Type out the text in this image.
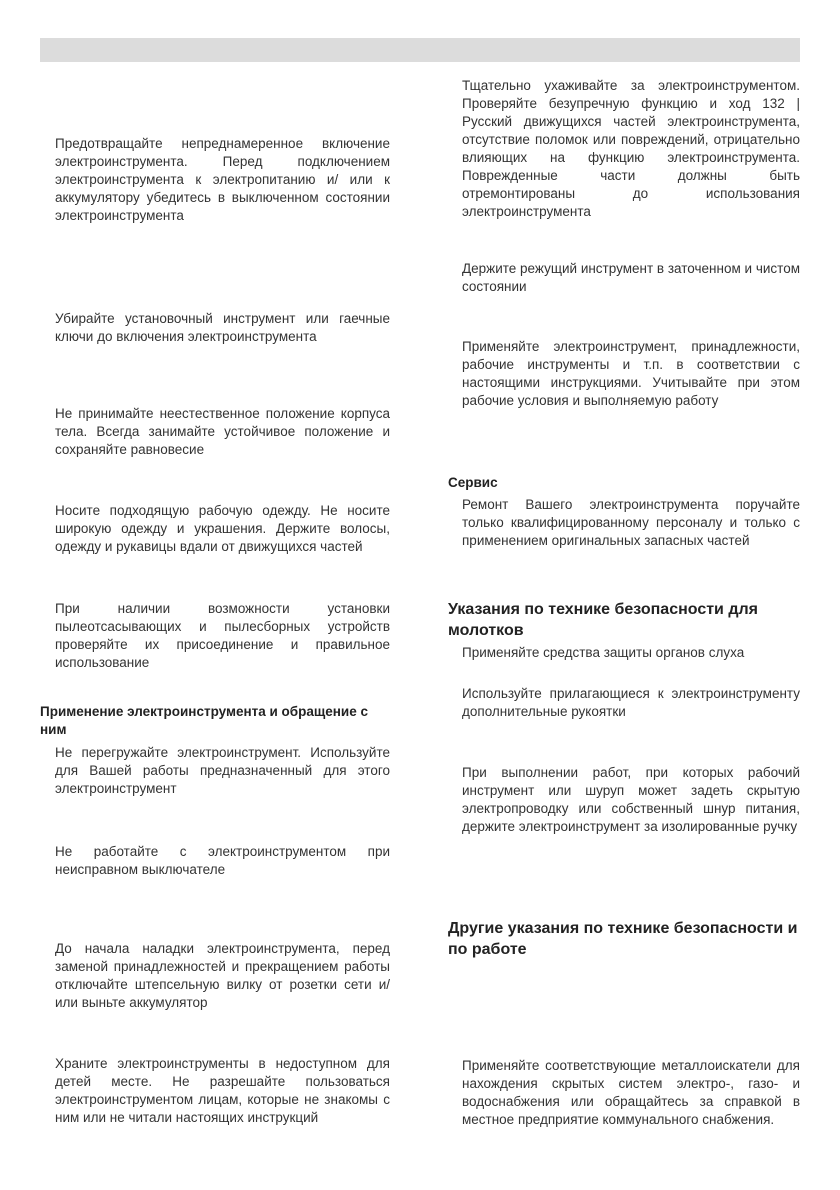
Предотвращайте непреднамеренное включение электроинструмента. Перед подключением электроинструмента к электропитанию и/ или к аккумулятору убедитесь в выключенном состоянии электроинструмента

Убирайте установочный инструмент или гаечные ключи до включения электроинструмента

Не принимайте неестественное положение корпуса тела. Всегда занимайте устойчивое положение и сохраняйте равновесие

Носите подходящую рабочую одежду. Не носите широкую одежду и украшения. Держите волосы, одежду и рукавицы вдали от движущихся частей

При наличии возможности установки пылеотсасывающих и пылесборных устройств проверяйте их присоединение и правильное использование

Применение электроинструмента и обращение с ним

Не перегружайте электроинструмент. Используйте для Вашей работы предназначенный для этого электроинструмент

Не работайте с электроинструментом при неисправном выключателе

До начала наладки электроинструмента, перед заменой принадлежностей и прекращением работы отключайте штепсельную вилку от розетки сети и/или выньте аккумулятор

Храните электроинструменты в недоступном для детей месте. Не разрешайте пользоваться электроинструментом лицам, которые не знакомы с ним или не читали настоящих инструкций

Тщательно ухаживайте за электроинструментом. Проверяйте безупречную функцию и ход 132 | Русский движущихся частей электроинструмента, отсутствие поломок или повреждений, отрицательно влияющих на функцию электроинструмента. Поврежденные части должны быть отремонтированы до использования электроинструмента

Держите режущий инструмент в заточенном и чистом состоянии

Применяйте электроинструмент, принадлежности, рабочие инструменты и т.п. в соответствии с настоящими инструкциями. Учитывайте при этом рабочие условия и выполняемую работу

Сервис

Ремонт Вашего электроинструмента поручайте только квалифицированному персоналу и только с применением оригинальных запасных частей

Указания по технике безопасности для молотков

Применяйте средства защиты органов слуха

Используйте прилагающиеся к электроинструменту дополнительные рукоятки

При выполнении работ, при которых рабочий инструмент или шуруп может задеть скрытую электропроводку или собственный шнур питания, держите электроинструмент за изолированные ручку

Другие указания по технике безопасности и по работе

Применяйте соответствующие металлоискатели для нахождения скрытых систем электро-, газо- и водоснабжения или обращайтесь за справкой в местное предприятие коммунального снабжения.
